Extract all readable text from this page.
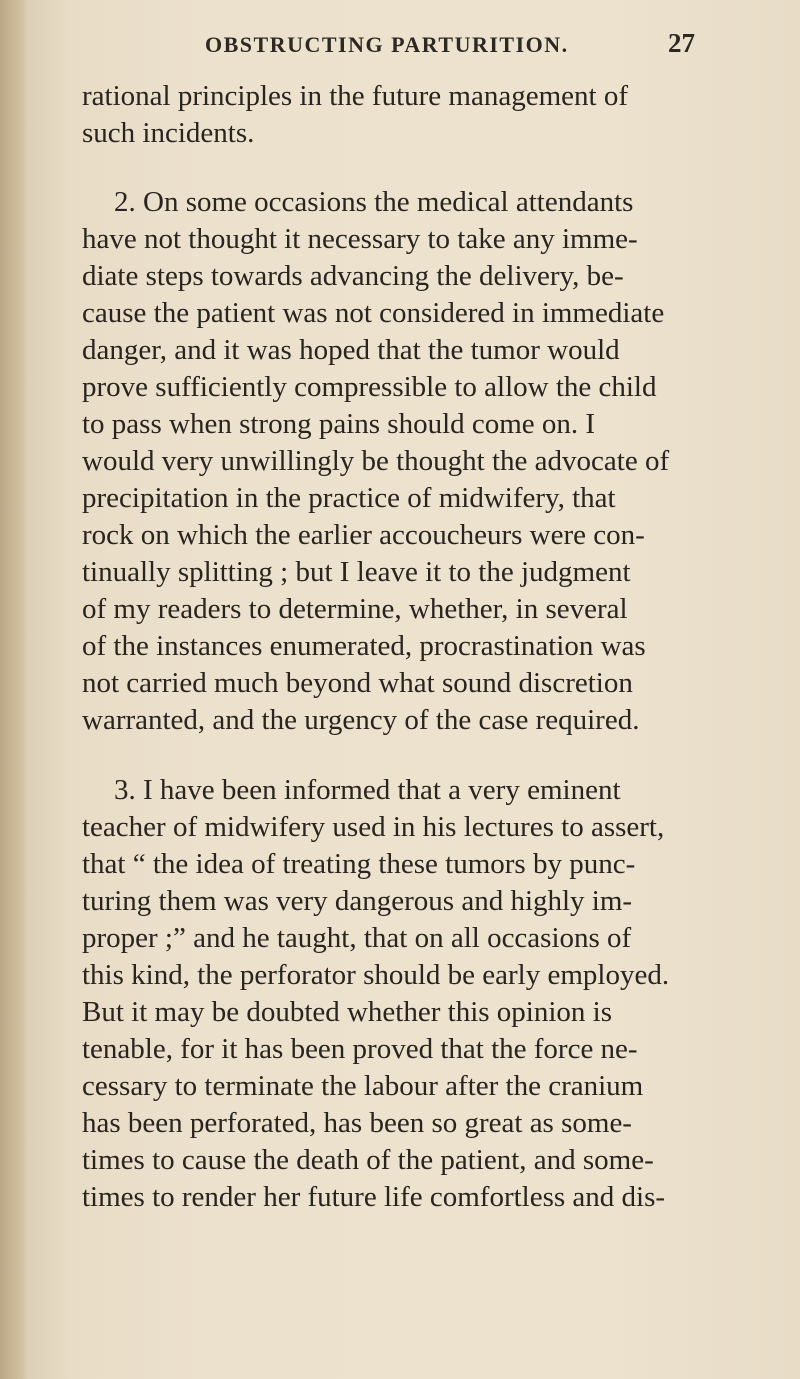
OBSTRUCTING PARTURITION.	27
rational principles in the future management of
such incidents.
2. On some occasions the medical attendants
have not thought it necessary to take any imme-
diate steps towards advancing the delivery, be-
cause the patient was not considered in immediate
danger, and it was hoped that the tumor would
prove sufficiently compressible to allow the child
to pass when strong pains should come on. I
would very unwillingly be thought the advocate of
precipitation in the practice of midwifery, that
rock on which the earlier accoucheurs were con-
tinually splitting ; but I leave it to the judgment
of my readers to determine, whether, in several
of the instances enumerated, procrastination was
not carried much beyond what sound discretion
warranted, and the urgency of the case required.
3. I have been informed that a very eminent
teacher of midwifery used in his lectures to assert,
that “ the idea of treating these tumors by punc-
turing them was very dangerous and highly im-
proper ;” and he taught, that on all occasions of
this kind, the perforator should be early employed.
But it may be doubted whether this opinion is
tenable, for it has been proved that the force ne-
cessary to terminate the labour after the cranium
has been perforated, has been so great as some-
times to cause the death of the patient, and some-
times to render her future life comfortless and dis-
